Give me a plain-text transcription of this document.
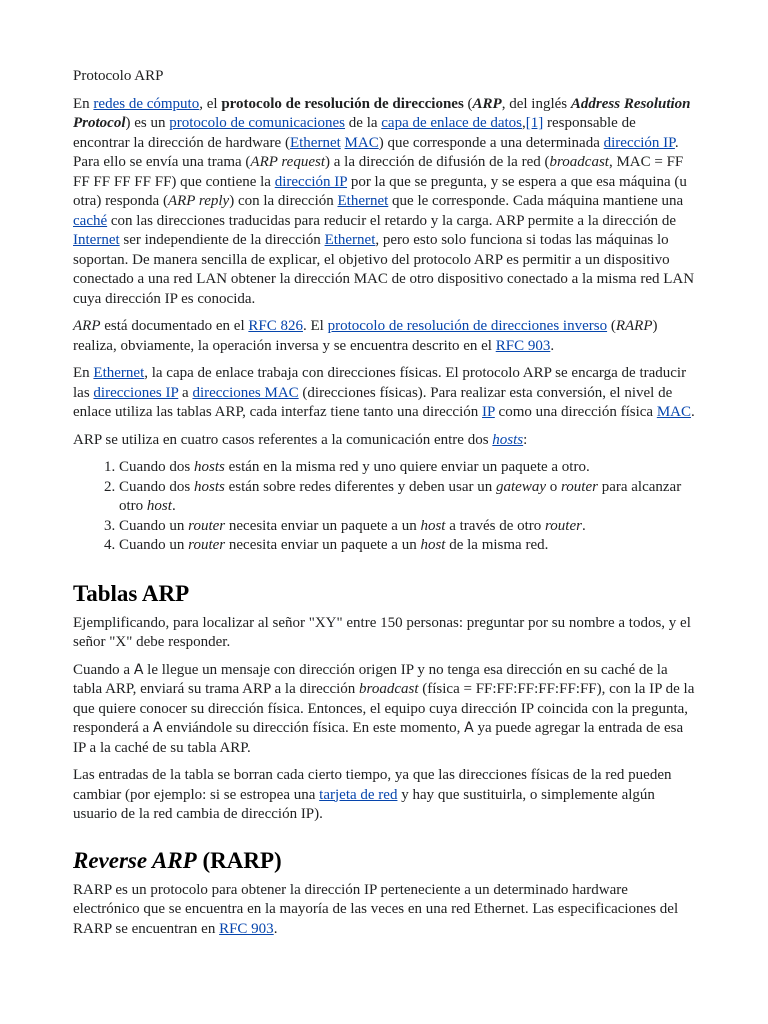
Protocolo ARP

En redes de cómputo, el protocolo de resolución de direcciones (ARP, del inglés Address Resolution Protocol) es un protocolo de comunicaciones de la capa de enlace de datos,[1] responsable de encontrar la dirección de hardware (Ethernet MAC) que corresponde a una determinada dirección IP. Para ello se envía una trama (ARP request) a la dirección de difusión de la red (broadcast, MAC = FF FF FF FF FF FF) que contiene la dirección IP por la que se pregunta, y se espera a que esa máquina (u otra) responda (ARP reply) con la dirección Ethernet que le corresponde. Cada máquina mantiene una caché con las direcciones traducidas para reducir el retardo y la carga. ARP permite a la dirección de Internet ser independiente de la dirección Ethernet, pero esto solo funciona si todas las máquinas lo soportan. De manera sencilla de explicar, el objetivo del protocolo ARP es permitir a un dispositivo conectado a una red LAN obtener la dirección MAC de otro dispositivo conectado a la misma red LAN cuya dirección IP es conocida.

ARP está documentado en el RFC 826. El protocolo de resolución de direcciones inverso (RARP) realiza, obviamente, la operación inversa y se encuentra descrito en el RFC 903.

En Ethernet, la capa de enlace trabaja con direcciones físicas. El protocolo ARP se encarga de traducir las direcciones IP a direcciones MAC (direcciones físicas). Para realizar esta conversión, el nivel de enlace utiliza las tablas ARP, cada interfaz tiene tanto una dirección IP como una dirección física MAC.

ARP se utiliza en cuatro casos referentes a la comunicación entre dos hosts:

1. Cuando dos hosts están en la misma red y uno quiere enviar un paquete a otro.
2. Cuando dos hosts están sobre redes diferentes y deben usar un gateway o router para alcanzar otro host.
3. Cuando un router necesita enviar un paquete a un host a través de otro router.
4. Cuando un router necesita enviar un paquete a un host de la misma red.
Tablas ARP

Ejemplificando, para localizar al señor "XY" entre 150 personas: preguntar por su nombre a todos, y el señor "X" debe responder.

Cuando a A le llegue un mensaje con dirección origen IP y no tenga esa dirección en su caché de la tabla ARP, enviará su trama ARP a la dirección broadcast (física = FF:FF:FF:FF:FF:FF), con la IP de la que quiere conocer su dirección física. Entonces, el equipo cuya dirección IP coincida con la pregunta, responderá a A enviándole su dirección física. En este momento, A ya puede agregar la entrada de esa IP a la caché de su tabla ARP.

Las entradas de la tabla se borran cada cierto tiempo, ya que las direcciones físicas de la red pueden cambiar (por ejemplo: si se estropea una tarjeta de red y hay que sustituirla, o simplemente algún usuario de la red cambia de dirección IP).

Reverse ARP (RARP)

RARP es un protocolo para obtener la dirección IP perteneciente a un determinado hardware electrónico que se encuentra en la mayoría de las veces en una red Ethernet. Las especificaciones del RARP se encuentran en RFC 903.
